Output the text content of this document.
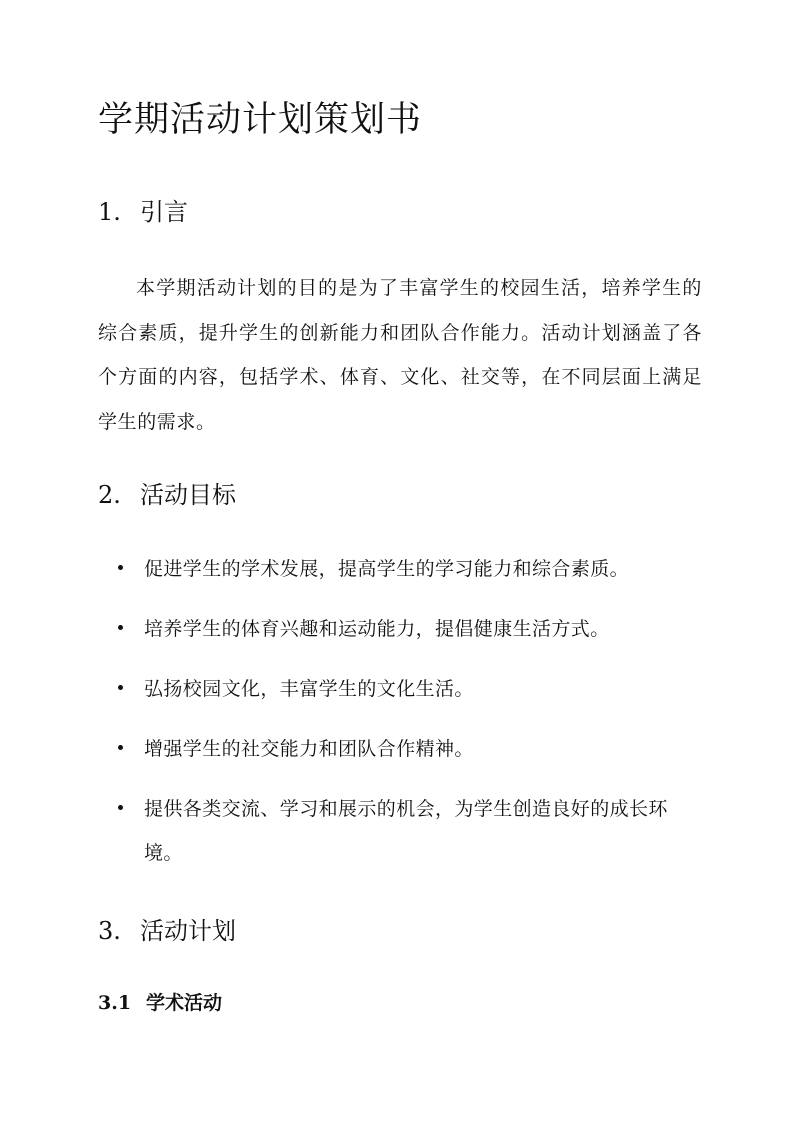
学期活动计划策划书
1. 引言
本学期活动计划的目的是为了丰富学生的校园生活，培养学生的综合素质，提升学生的创新能力和团队合作能力。活动计划涵盖了各个方面的内容，包括学术、体育、文化、社交等，在不同层面上满足学生的需求。
2. 活动目标
促进学生的学术发展，提高学生的学习能力和综合素质。
培养学生的体育兴趣和运动能力，提倡健康生活方式。
弘扬校园文化，丰富学生的文化生活。
增强学生的社交能力和团队合作精神。
提供各类交流、学习和展示的机会，为学生创造良好的成长环境。
3. 活动计划
3.1 学术活动
